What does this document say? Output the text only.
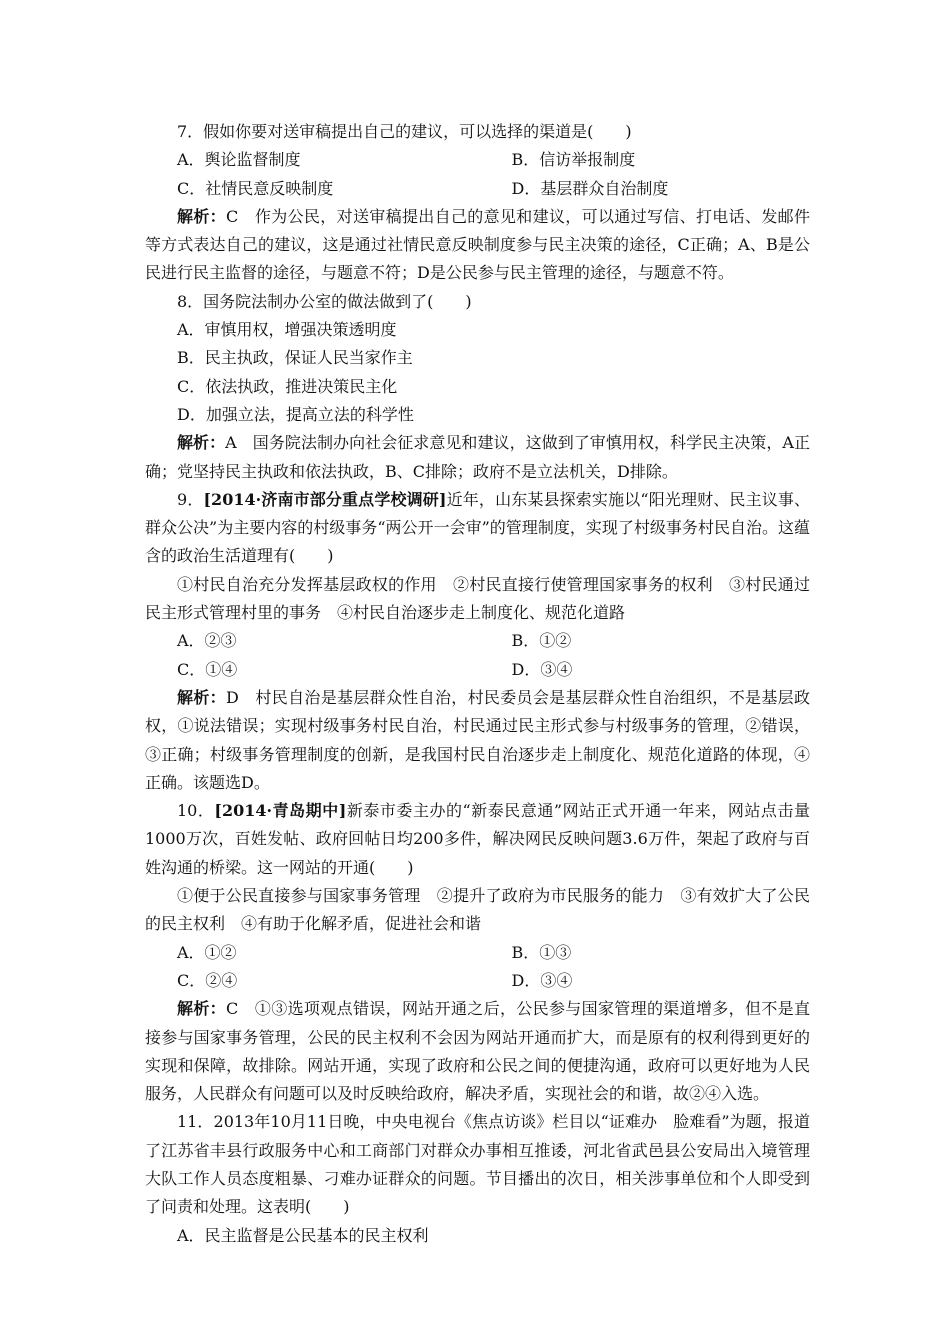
7．假如你要对送审稿提出自己的建议，可以选择的渠道是(　　)

A．舆论监督制度	B．信访举报制度
C．社情民意反映制度	D．基层群众自治制度

解析：C　作为公民，对送审稿提出自己的意见和建议，可以通过写信、打电话、发邮件等方式表达自己的建议，这是通过社情民意反映制度参与民主决策的途径，C正确；A、B是公民进行民主监督的途径，与题意不符；D是公民参与民主管理的途径，与题意不符。

8．国务院法制办公室的做法做到了(　　)

A．审慎用权，增强决策透明度

B．民主执政，保证人民当家作主

C．依法执政，推进决策民主化

D．加强立法，提高立法的科学性

解析：A　国务院法制办向社会征求意见和建议，这做到了审慎用权，科学民主决策，A正确；党坚持民主执政和依法执政，B、C排除；政府不是立法机关，D排除。

9．[2014·济南市部分重点学校调研]近年，山东某县探索实施以“阳光理财、民主议事、群众公决”为主要内容的村级事务“两公开一会审”的管理制度，实现了村级事务村民自治。这蕴含的政治生活道理有(　　)

①村民自治充分发挥基层政权的作用　②村民直接行使管理国家事务的权利　③村民通过民主形式管理村里的事务　④村民自治逐步走上制度化、规范化道路

A．②③	B．①②
C．①④	D．③④

解析：D　村民自治是基层群众性自治，村民委员会是基层群众性自治组织，不是基层政权，①说法错误；实现村级事务村民自治，村民通过民主形式参与村级事务的管理，②错误，③正确；村级事务管理制度的创新，是我国村民自治逐步走上制度化、规范化道路的体现，④正确。该题选D。

10．[2014·青岛期中]新泰市委主办的“新泰民意通”网站正式开通一年来，网站点击量1000万次，百姓发帖、政府回帖日均200多件，解决网民反映问题3.6万件，架起了政府与百姓沟通的桥梁。这一网站的开通(　　)

①便于公民直接参与国家事务管理　②提升了政府为市民服务的能力　③有效扩大了公民的民主权利　④有助于化解矛盾，促进社会和谐

A．①②	B．①③
C．②④	D．③④

解析：C　①③选项观点错误，网站开通之后，公民参与国家管理的渠道增多，但不是直接参与国家事务管理，公民的民主权利不会因为网站开通而扩大，而是原有的权利得到更好的实现和保障，故排除。网站开通，实现了政府和公民之间的便捷沟通，政府可以更好地为人民服务，人民群众有问题可以及时反映给政府，解决矛盾，实现社会的和谐，故②④入选。

11．2013年10月11日晚，中央电视台《焦点访谈》栏目以“证难办　脸难看”为题，报道了江苏省丰县行政服务中心和工商部门对群众办事相互推诿，河北省武邑县公安局出入境管理大队工作人员态度粗暴、刁难办证群众的问题。节目播出的次日，相关涉事单位和个人即受到了问责和处理。这表明(　　)

A．民主监督是公民基本的民主权利
